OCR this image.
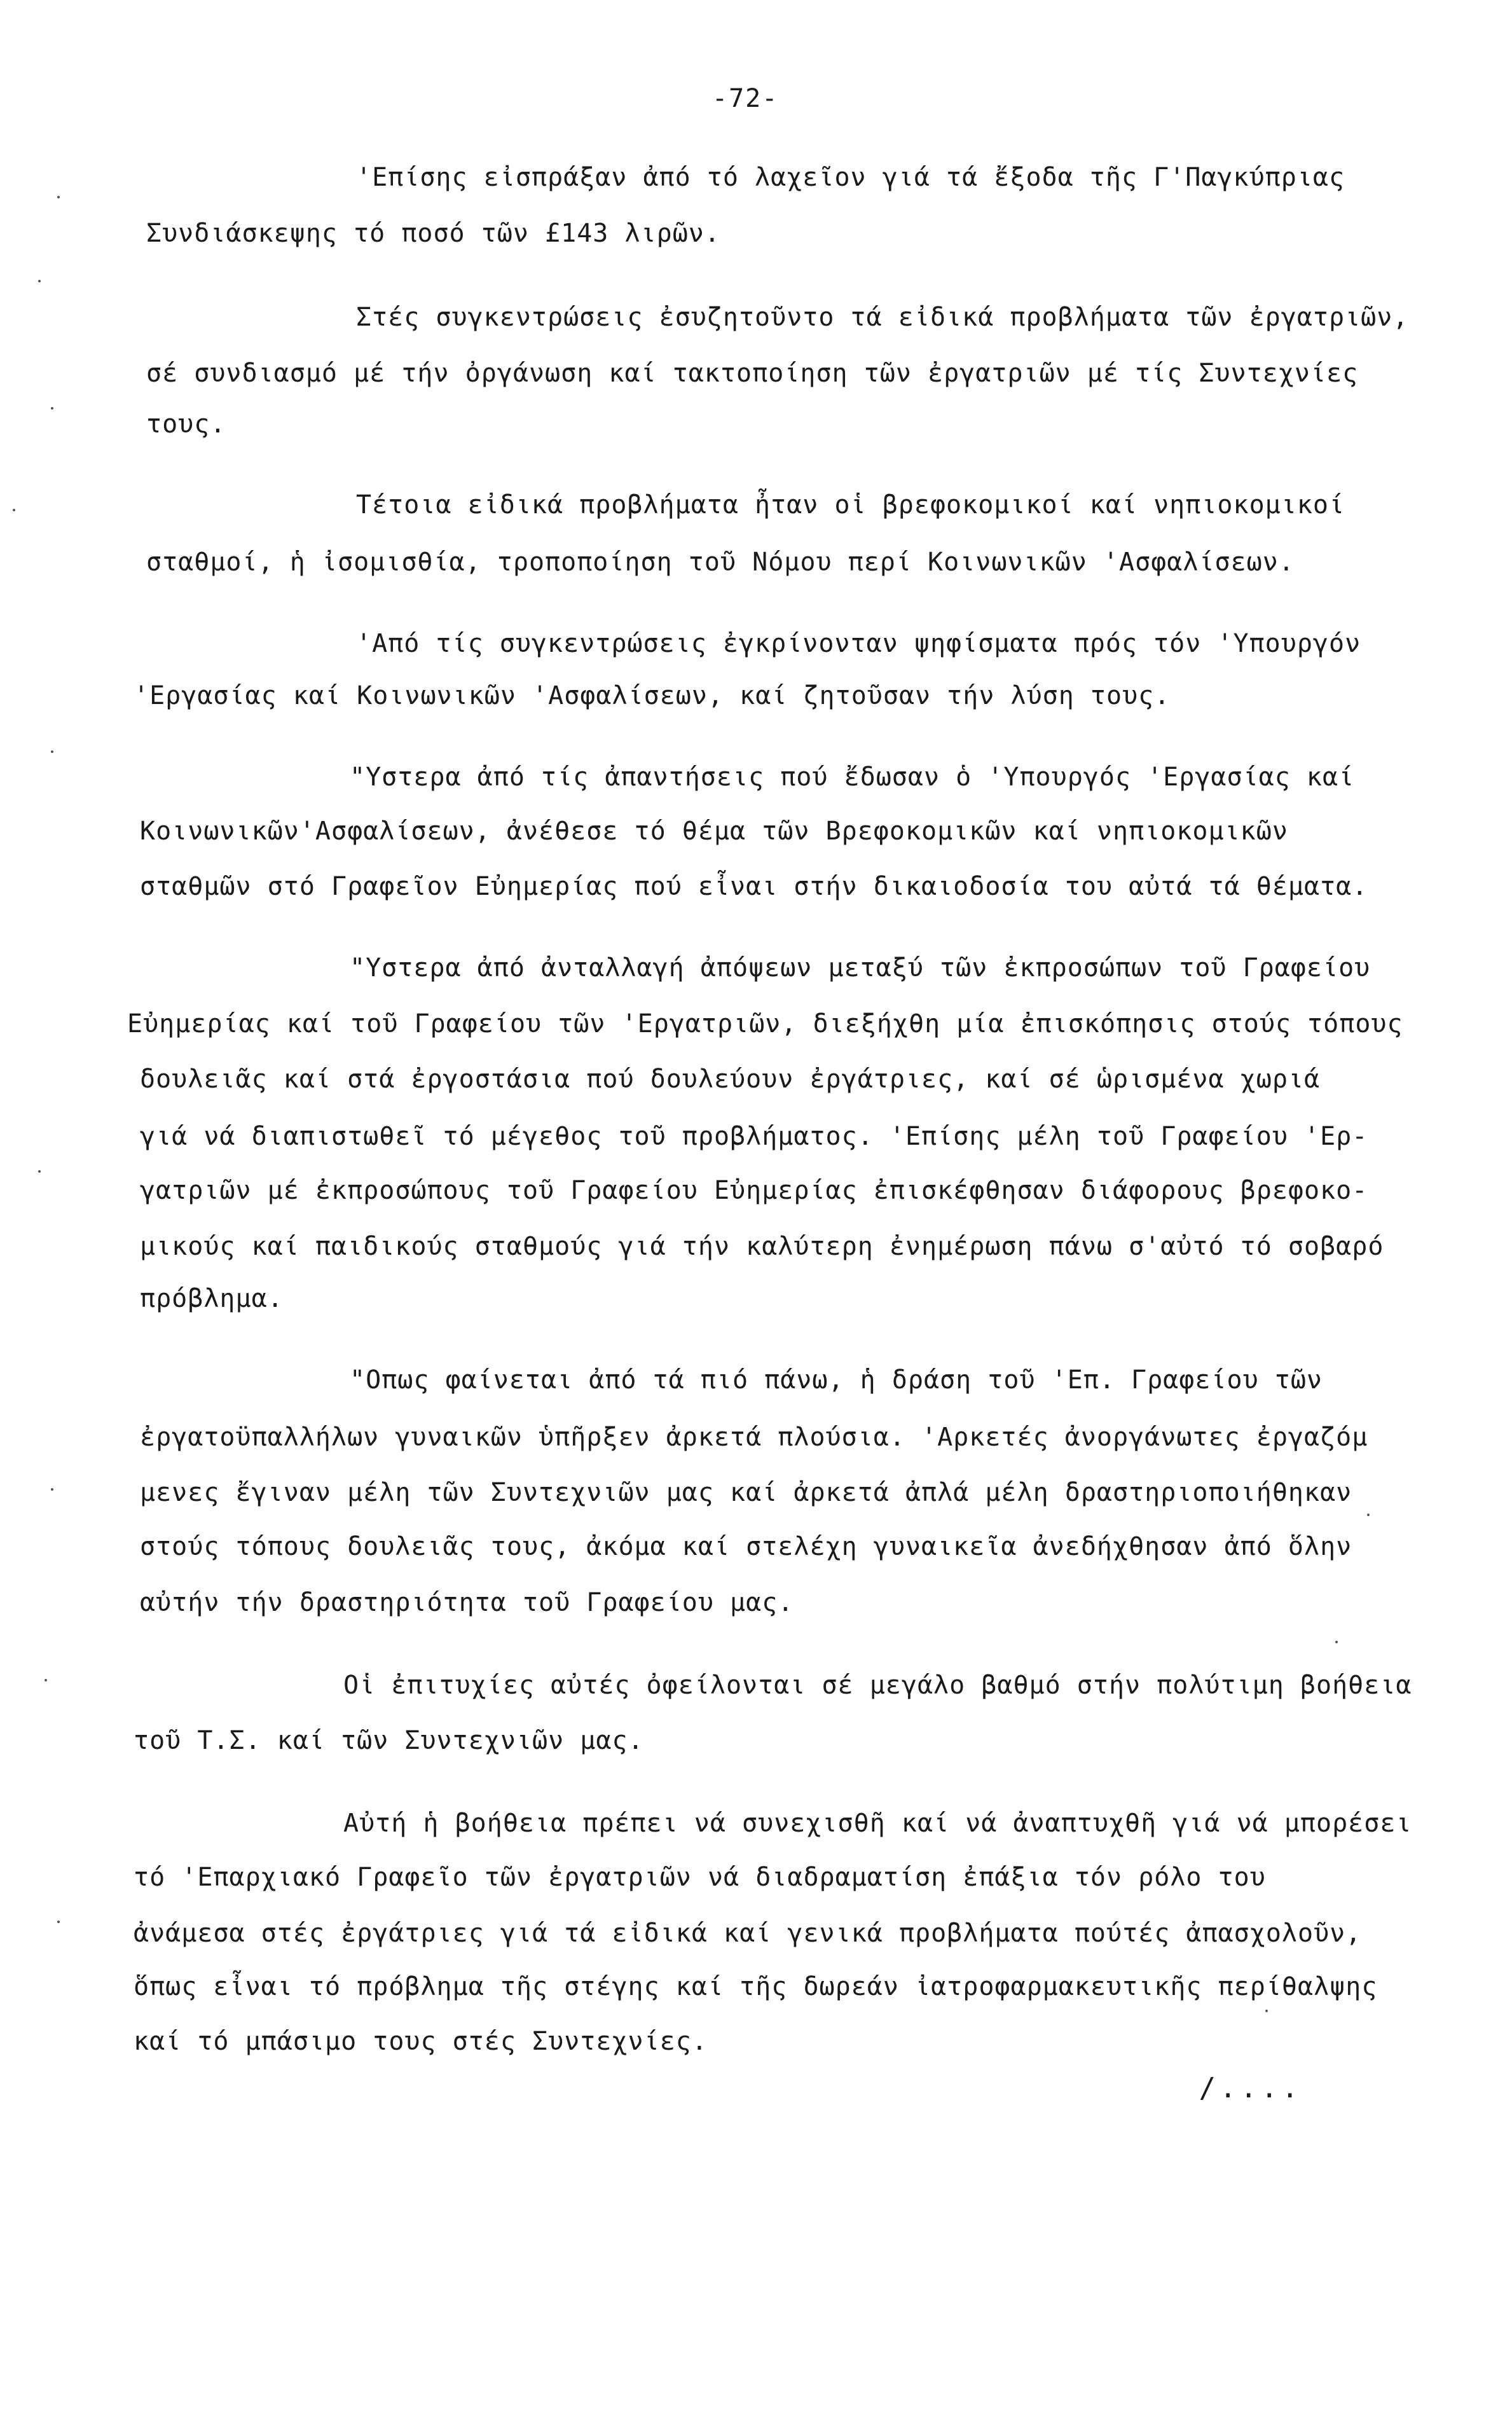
-72-
'Επίσης εἰσπράξαν ἀπό τό λαχεῖον γιά τά ἔξοδα τῆς Γ'Παγκύπριας
Συνδιάσκεψης τό ποσό τῶν £143 λιρῶν.
Στές συγκεντρώσεις ἐσυζητοῦντο τά εἰδικά προβλήματα τῶν ἐργατριῶν,
σέ συνδιασμό μέ τήν ὀργάνωση καί τακτοποίηση τῶν ἐργατριῶν μέ τίς Συντεχνίες
τους.
Τέτοια εἰδικά προβλήματα ἦταν οἱ βρεφοκομικοί καί νηπιοκομικοί
σταθμοί, ἡ ἰσομισθία, τροποποίηση τοῦ Νόμου περί Κοινωνικῶν 'Ασφαλίσεων.
'Από τίς συγκεντρώσεις ἐγκρίνονταν ψηφίσματα πρός τόν 'Υπουργόν
'Εργασίας καί Κοινωνικῶν 'Ασφαλίσεων, καί ζητοῦσαν τήν λύση τους.
"Υστερα ἀπό τίς ἀπαντήσεις πού ἔδωσαν ὁ 'Υπουργός 'Εργασίας καί
Κοινωνικῶν'Ασφαλίσεων, ἀνέθεσε τό θέμα τῶν Βρεφοκομικῶν καί νηπιοκομικῶν
σταθμῶν στό Γραφεῖον Εὐημερίας πού εἶναι στήν δικαιοδοσία του αὐτά τά θέματα.
"Υστερα ἀπό ἀνταλλαγή ἀπόψεων μεταξύ τῶν ἐκπροσώπων τοῦ Γραφείου
Εὐημερίας καί τοῦ Γραφείου τῶν 'Εργατριῶν, διεξήχθη μία ἐπισκόπησις στούς τόπους
δουλειᾶς καί στά ἐργοστάσια πού δουλεύουν ἐργάτριες, καί σέ ὡρισμένα χωριά
γιά νά διαπιστωθεῖ τό μέγεθος τοῦ προβλήματος. 'Επίσης μέλη τοῦ Γραφείου 'Ερ-
γατριῶν μέ ἐκπροσώπους τοῦ Γραφείου Εὐημερίας ἐπισκέφθησαν διάφορους βρεφοκο-
μικούς καί παιδικούς σταθμούς γιά τήν καλύτερη ἐνημέρωση πάνω σ'αὐτό τό σοβαρό
πρόβλημα.
"Οπως φαίνεται ἀπό τά πιό πάνω, ἡ δράση τοῦ 'Επ. Γραφείου τῶν
ἐργατοϋπαλλήλων γυναικῶν ὑπῆρξεν ἀρκετά πλούσια. 'Αρκετές ἀνοργάνωτες ἐργαζόμ
μενες ἔγιναν μέλη τῶν Συντεχνιῶν μας καί ἀρκετά ἀπλά μέλη δραστηριοποιήθηκαν
στούς τόπους δουλειᾶς τους, ἀκόμα καί στελέχη γυναικεῖα ἀνεδήχθησαν ἀπό ὅλην
αὐτήν τήν δραστηριότητα τοῦ Γραφείου μας.
Οἱ ἐπιτυχίες αὐτές ὀφείλονται σέ μεγάλο βαθμό στήν πολύτιμη βοήθεια
τοῦ Τ.Σ. καί τῶν Συντεχνιῶν μας.
Αὐτή ἡ βοήθεια πρέπει νά συνεχισθῆ καί νά ἀναπτυχθῆ γιά νά μπορέσει
τό 'Επαρχιακό Γραφεῖο τῶν ἐργατριῶν νά διαδραματίση ἐπάξια τόν ρόλο του
ἀνάμεσα στές ἐργάτριες γιά τά εἰδικά καί γενικά προβλήματα πούτές ἀπασχολοῦν,
ὅπως εἶναι τό πρόβλημα τῆς στέγης καί τῆς δωρεάν ἰατροφαρμακευτικῆς περίθαλψης
καί τό μπάσιμο τους στές Συντεχνίες.
/....
